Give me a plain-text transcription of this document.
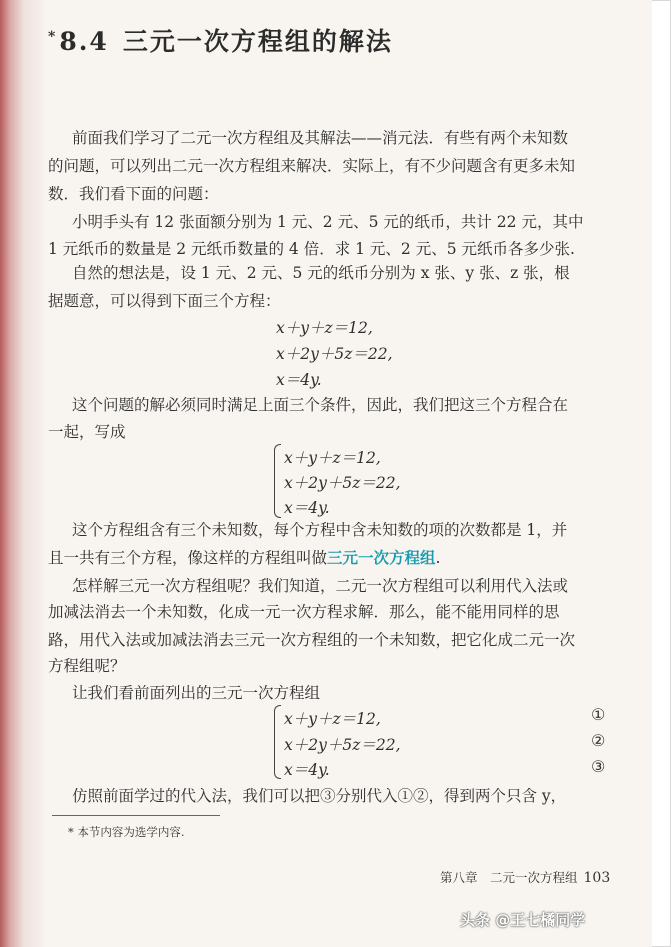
*8.4 三元一次方程组的解法

前面我们学习了二元一次方程组及其解法——消元法．有些有两个未知数

的问题，可以列出二元一次方程组来解决．实际上，有不少问题含有更多未知

数．我们看下面的问题：

小明手头有 12 张面额分别为 1 元、2 元、5 元的纸币，共计 22 元，其中

1 元纸币的数量是 2 元纸币数量的 4 倍．求 1 元、2 元、5 元纸币各多少张.

自然的想法是，设 1 元、2 元、5 元的纸币分别为 x 张、y 张、z 张，根

据题意，可以得到下面三个方程：

x＋y＋z＝12,
x＋2y＋5z＝22,
x＝4y.

这个问题的解必须同时满足上面三个条件，因此，我们把这三个方程合在

一起，写成

x＋y＋z＝12,
x＋2y＋5z＝22,
x＝4y.

这个方程组含有三个未知数，每个方程中含未知数的项的次数都是 1，并

且一共有三个方程，像这样的方程组叫做三元一次方程组.

怎样解三元一次方程组呢？我们知道，二元一次方程组可以利用代入法或

加减法消去一个未知数，化成一元一次方程求解．那么，能不能用同样的思

路，用代入法或加减法消去三元一次方程组的一个未知数，把它化成二元一次

方程组呢？

让我们看前面列出的三元一次方程组

x＋y＋z＝12,
x＋2y＋5z＝22,
x＝4y.
①
②
③

仿照前面学过的代入法，我们可以把③分别代入①②，得到两个只含 y，

* 本节内容为选学内容.
第八章　二元一次方程组 103
头条 @王七橘同学
